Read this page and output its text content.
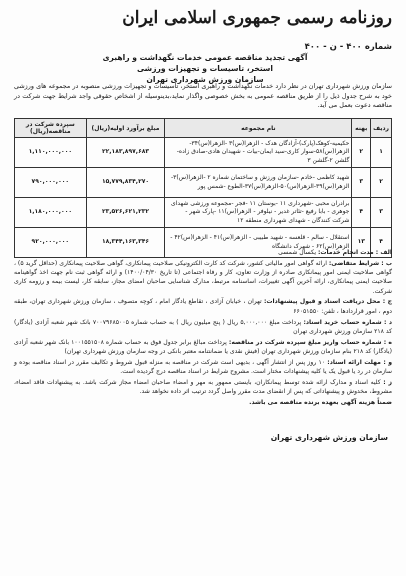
روزنامه رسمی جمهوری اسلامی ایران
شماره ۴۰۰ - ن - ۴۰۰
آگهی تجدید مناقصه عمومی خدمات نگهداشت و راهبری استخر، تاسیسات و تجهیزات ورزشی
سازمان ورزش شهرداری تهران
سازمان ورزش شهرداری تهران در نظر دارد خدمات نگهداشت و راهبری استخر، تاسیسات و تجهیزات ورزشی منصوبه در مجموعه های ورزشی خود به شرح جدول ذیل را از طریق مناقصه عمومی به بخش خصوصی واگذار نماید،بدینوسیله از اشخاص حقوقی واجد شرایط جهت شرکت در مناقصه دعوت بعمل می آید.
ردیف	بهنه	نام مجموعه	مبلغ برآورد اولیه(ریال)	سپرده شرکت در مناقصه(ریال)
۱	۲	حکیمیه-کوهک(پارک)-آزادگان هدک - الزهرا(س)۳ -الزهرا(س)۳۴-الزهرا(س)۵۸-سوار کاری-سید ایمان-بیات - شهیدان هادی-صادق زاده-گلشن ۲-گلشن ۳	۲۲,۱۸۳,۸۹۷,۶۸۳	۱,۱۱۰,۰۰۰,۰۰۰
۲	۳	شهید کاظمی -خادم -سازمان ورزش و ساختمان شماره ۲ -الزهرا(س)۳-الزهرا(س)۳۹-الزهرا(س)۵۰-الزهرا(س)۳۷-الطوع -شمس پور	۱۵,۷۷۹,۸۳۴,۲۷۰	۷۹۰,۰۰۰,۰۰۰
۳	۴	برادران محبی -شهرداری ۱۱ -بوستان ۱۱ -فجر -مجموعه ورزشی شهدای جوهری - بابا رفیع -تئاتر غدیر - نیلوفر - الزهرا(س)۱۱ -پارک شهر - شرکت کنندگان - شهدای شهرداری منطقه ۱۲	۲۳,۵۲۶,۶۲۱,۲۳۲	۱,۱۸۰,۰۰۰,۰۰۰
۴	۱۳	استقلال - سالم - قلعسه - شهید طبیبی - الزهرا(س)۴۱ - الزهرا(س)۴۲ - الزهرا(س)۶۲ - شهرک دانشگاه	۱۸,۳۴۴,۱۶۳,۳۴۶	۹۲۰,۰۰۰,۰۰۰

الف : مدت انجام خدمات: یکسال شمسی

ب : شرایط متقاضی: ارائه گواهی امور مالیاتی کشور، شرکت کد کارت الکترونیکی صلاحیت پیمانکاری، گواهی صلاحیت پیمانکاری (حداقل گرید ۵) ، گواهی صلاحیت ایمنی امور پیمانکاری صادره از وزارت تعاون، کار و رفاه اجتماعی (تا تاریخ ۱۴۰۰/۰۴/۳۰) و ارائه گواهی ثبت نام جهت اخذ گواهینامه صلاحیت ایمنی پیمانکاری، ارائه آخرین آگهی تغییرات، اساسنامه مرتبط، مدارک شناسایی صاحبان امضای مجاز، سابقه کار، لیست بیمه و رزومه کاری شرکت.

ج : محل دریافت اسناد و قبول پیشنهادات: تهران ، خیابان آزادی ، تقاطع یادگار امام ، کوچه متصوف ، سازمان ورزش شهرداری تهران، طبقه دوم ، امور قراردادها ، تلفن: ۶۶۰۵۱۵۵۰

د : شماره حساب خرید اسناد: پرداخت مبلغ ۵,۰۰۰,۰۰۰ ریال ( پنج میلیون ریال ) به حساب شماره ۷۰۰۷۹۶۸۵۰۰۵ بانک شهر شعبه آزادی (یادگار) کد ۲۱۸ سازمان ورزش شهرداری تهران

ه : شماره حساب واریز مبلغ سپرده شرکت در مناقصه: پرداخت مبالغ برابر جدول فوق به حساب شماره ۱۰۰۱۵۵۱۵۰۸ بانک شهر شعبه آزادی (یادگار) کد ۲۱۸ بنام سازمان ورزش شهرداری تهران (فیش نقدی یا ضمانتنامه معتبر بانکی در وجه سازمان ورزش شهرداری تهران)

و : مهلت ارائه اسناد: ۱۰ روز پس از انتشار آگهی ، بدیهی است شرکت در مناقصه به منزله قبول شروط و تکالیف مقرر در اسناد مناقصه بوده و سازمان در رد یا قبول یک یا کلیه پیشنهادات مختار است. مشروح شرایط در اسناد مناقصه درج گردیده است.

ز : کلیه اسناد و مدارک ارائه شده توسط پیمانکاران، بایستی ممهور به مهر و امضاء صاحبان امضاء مجاز شرکت باشد. به پیشنهادات فاقد امضاء، مشروط، مخدوش و پیشنهاداتی که پس از انقضای مدت مقرر واصل گردد ترتیب اثر داده نخواهد شد.

ضمناً هزینه آگهی بعهده برنده مناقصه می باشد.

سازمان ورزش شهرداری تهران
